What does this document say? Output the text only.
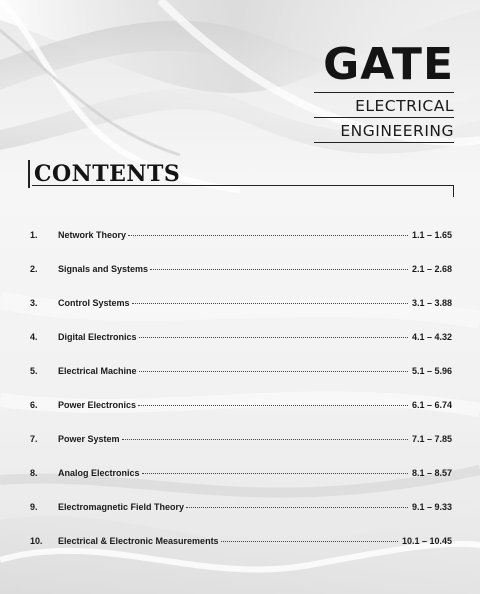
GATE
ELECTRICAL
ENGINEERING
CONTENTS
1.	Network Theory	1.1 – 1.65
2.	Signals and Systems	2.1 – 2.68
3.	Control Systems	3.1 – 3.88
4.	Digital Electronics	4.1 – 4.32
5.	Electrical Machine	5.1 – 5.96
6.	Power Electronics	6.1 – 6.74
7.	Power System	7.1 – 7.85
8.	Analog Electronics	8.1 – 8.57
9.	Electromagnetic Field Theory	9.1 – 9.33
10.	Electrical & Electronic Measurements	10.1 – 10.45
